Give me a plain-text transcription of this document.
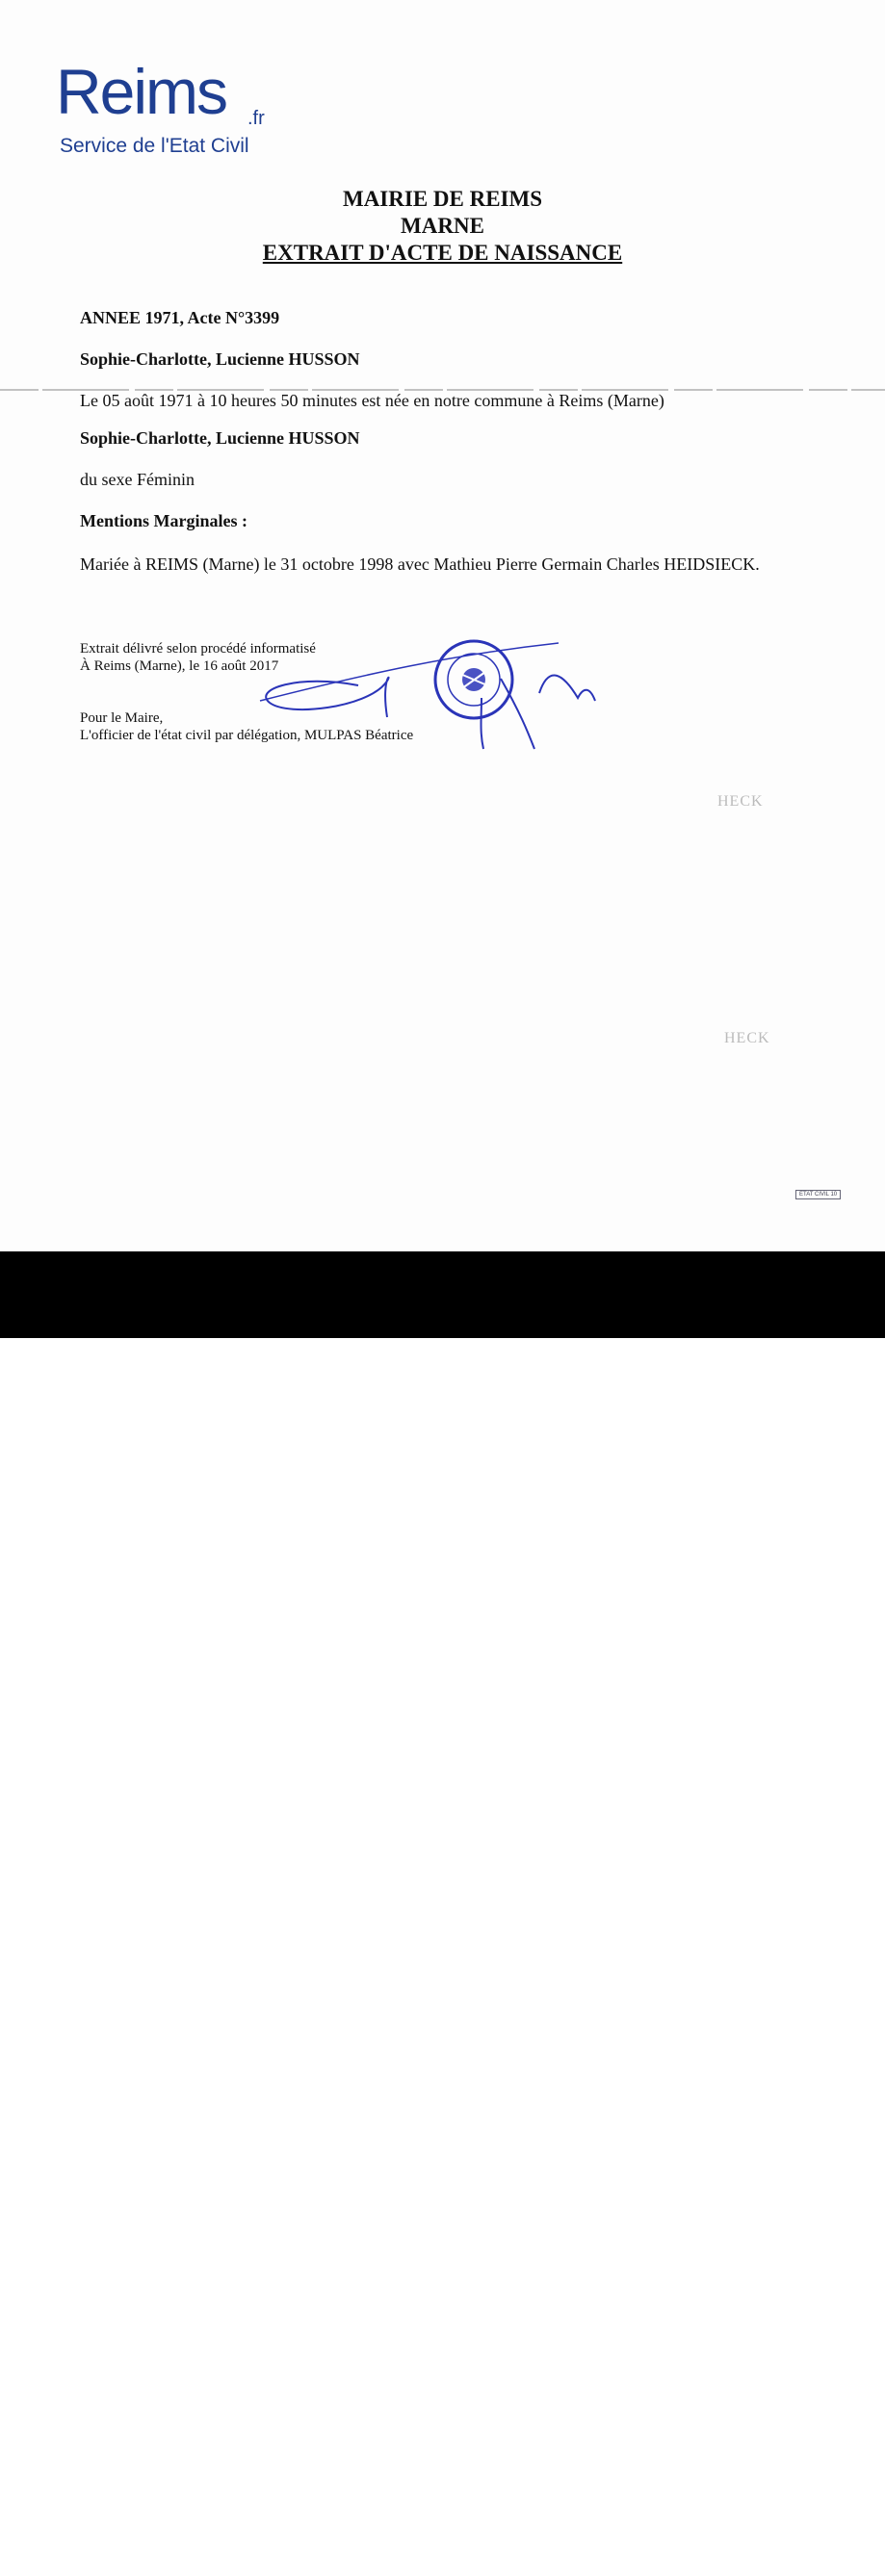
Reims .fr
Service de l'Etat Civil
MAIRIE DE REIMS
MARNE
EXTRAIT D'ACTE DE NAISSANCE
ANNEE 1971, Acte N°3399
Sophie-Charlotte, Lucienne HUSSON
Le 05 août 1971 à 10 heures 50 minutes est née en notre commune à Reims (Marne)
Sophie-Charlotte, Lucienne HUSSON
du sexe Féminin
Mentions Marginales :
Mariée à REIMS (Marne) le 31 octobre 1998 avec Mathieu Pierre Germain Charles HEIDSIECK.
Extrait délivré selon procédé informatisé
À Reims (Marne), le 16 août 2017
Pour le Maire,
L'officier de l'état civil par délégation, MULPAS Béatrice
HECK
HECK
ETAT CIVIL 10
alamy	KTM5BC
www.alamy.com
